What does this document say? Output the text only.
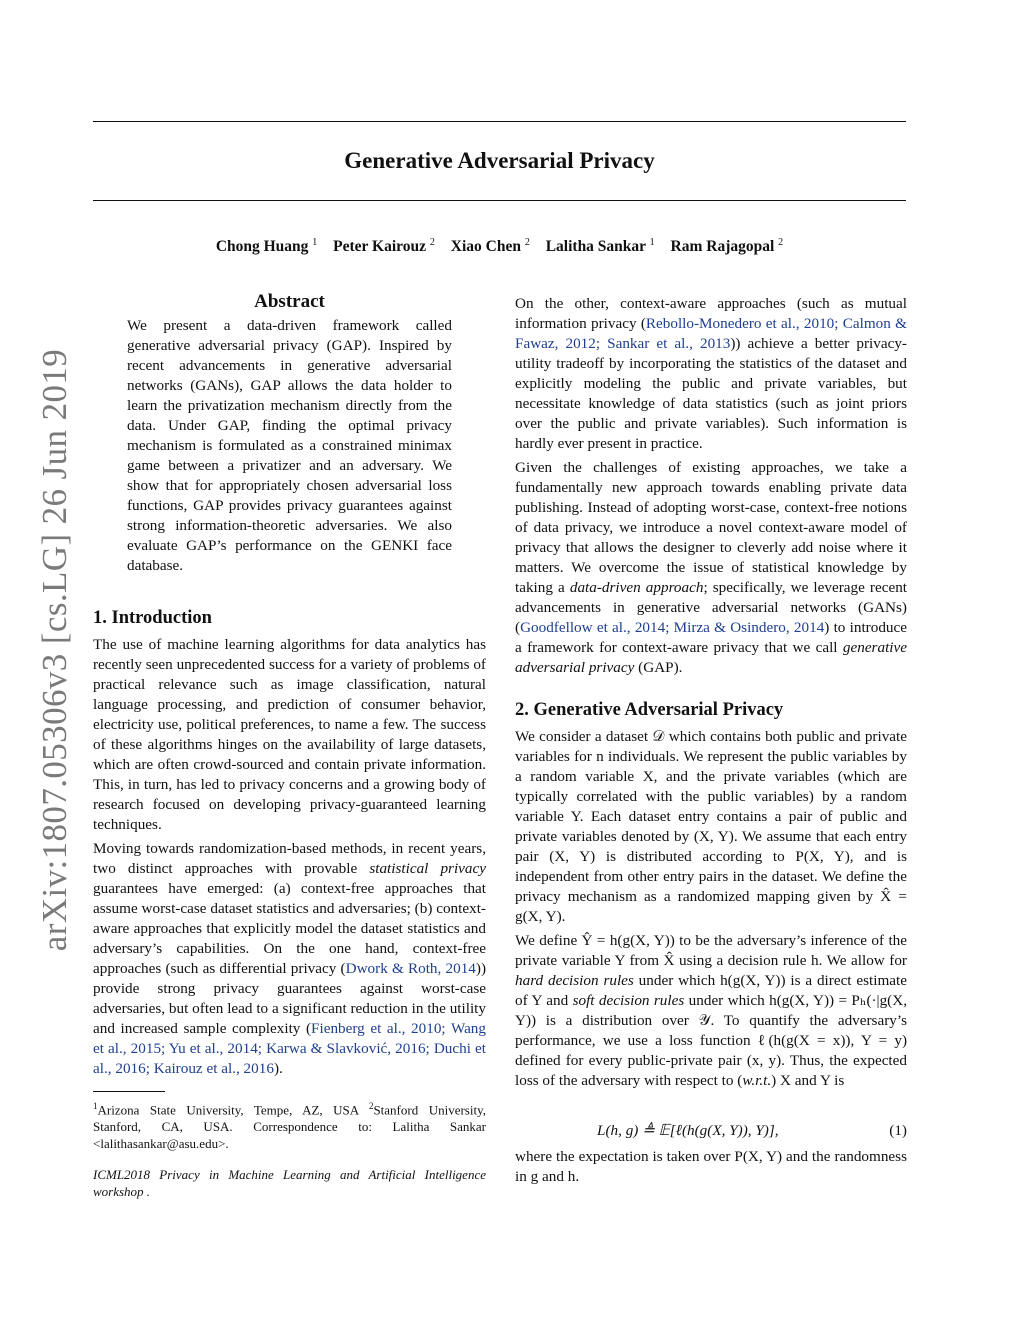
arXiv:1807.05306v3 [cs.LG] 26 Jun 2019
Generative Adversarial Privacy
Chong Huang $^1$ Peter Kairouz $^2$ Xiao Chen $^2$ Lalitha Sankar $^1$ Ram Rajagopal $^2$
Abstract
We present a data-driven framework called generative adversarial privacy (GAP). Inspired by recent advancements in generative adversarial networks (GANs), GAP allows the data holder to learn the privatization mechanism directly from the data. Under GAP, finding the optimal privacy mechanism is formulated as a constrained minimax game between a privatizer and an adversary. We show that for appropriately chosen adversarial loss functions, GAP provides privacy guarantees against strong information-theoretic adversaries. We also evaluate GAP’s performance on the GENKI face database.
1. Introduction

The use of machine learning algorithms for data analytics has recently seen unprecedented success for a variety of problems of practical relevance such as image classification, natural language processing, and prediction of consumer behavior, electricity use, political preferences, to name a few. The success of these algorithms hinges on the availability of large datasets, which are often crowd-sourced and contain private information. This, in turn, has led to privacy concerns and a growing body of research focused on developing privacy-guaranteed learning techniques.

Moving towards randomization-based methods, in recent years, two distinct approaches with provable statistical privacy guarantees have emerged: (a) context-free approaches that assume worst-case dataset statistics and adversaries; (b) context-aware approaches that explicitly model the dataset statistics and adversary’s capabilities. On the one hand, context-free approaches (such as differential privacy (Dwork & Roth, 2014)) provide strong privacy guarantees against worst-case adversaries, but often lead to a significant reduction in the utility and increased sample complexity (Fienberg et al., 2010; Wang et al., 2015; Yu et al., 2014; Karwa & Slavković, 2016; Duchi et al., 2016; Kairouz et al., 2016).

$^1$Arizona State University, Tempe, AZ, USA $^2$Stanford University, Stanford, CA, USA. Correspondence to: Lalitha Sankar <lalithasankar@asu.edu>.
ICML2018 Privacy in Machine Learning and Artificial Intelligence workshop .

On the other, context-aware approaches (such as mutual information privacy (Rebollo-Monedero et al., 2010; Calmon & Fawaz, 2012; Sankar et al., 2013)) achieve a better privacy-utility tradeoff by incorporating the statistics of the dataset and explicitly modeling the public and private variables, but necessitate knowledge of data statistics (such as joint priors over the public and private variables). Such information is hardly ever present in practice.

Given the challenges of existing approaches, we take a fundamentally new approach towards enabling private data publishing. Instead of adopting worst-case, context-free notions of data privacy, we introduce a novel context-aware model of privacy that allows the designer to cleverly add noise where it matters. We overcome the issue of statistical knowledge by taking a data-driven approach; specifically, we leverage recent advancements in generative adversarial networks (GANs) (Goodfellow et al., 2014; Mirza & Osindero, 2014) to introduce a framework for context-aware privacy that we call generative adversarial privacy (GAP).

2. Generative Adversarial Privacy

We consider a dataset 𝒟 which contains both public and private variables for n individuals. We represent the public variables by a random variable X, and the private variables (which are typically correlated with the public variables) by a random variable Y. Each dataset entry contains a pair of public and private variables denoted by (X, Y). We assume that each entry pair (X, Y) is distributed according to P(X, Y), and is independent from other entry pairs in the dataset. We define the privacy mechanism as a randomized mapping given by X̂ = g(X, Y).

We define Ŷ = h(g(X, Y)) to be the adversary’s inference of the private variable Y from X̂ using a decision rule h. We allow for hard decision rules under which h(g(X, Y)) is a direct estimate of Y and soft decision rules under which h(g(X, Y)) = Pₕ(·|g(X, Y)) is a distribution over 𝒴. To quantify the adversary’s performance, we use a loss function ℓ(h(g(X = x)), Y = y) defined for every public-private pair (x, y). Thus, the expected loss of the adversary with respect to (w.r.t.) X and Y is

L(h, g) ≜ 𝔼[ℓ(h(g(X, Y)), Y)],	(1)

where the expectation is taken over P(X, Y) and the randomness in g and h.
